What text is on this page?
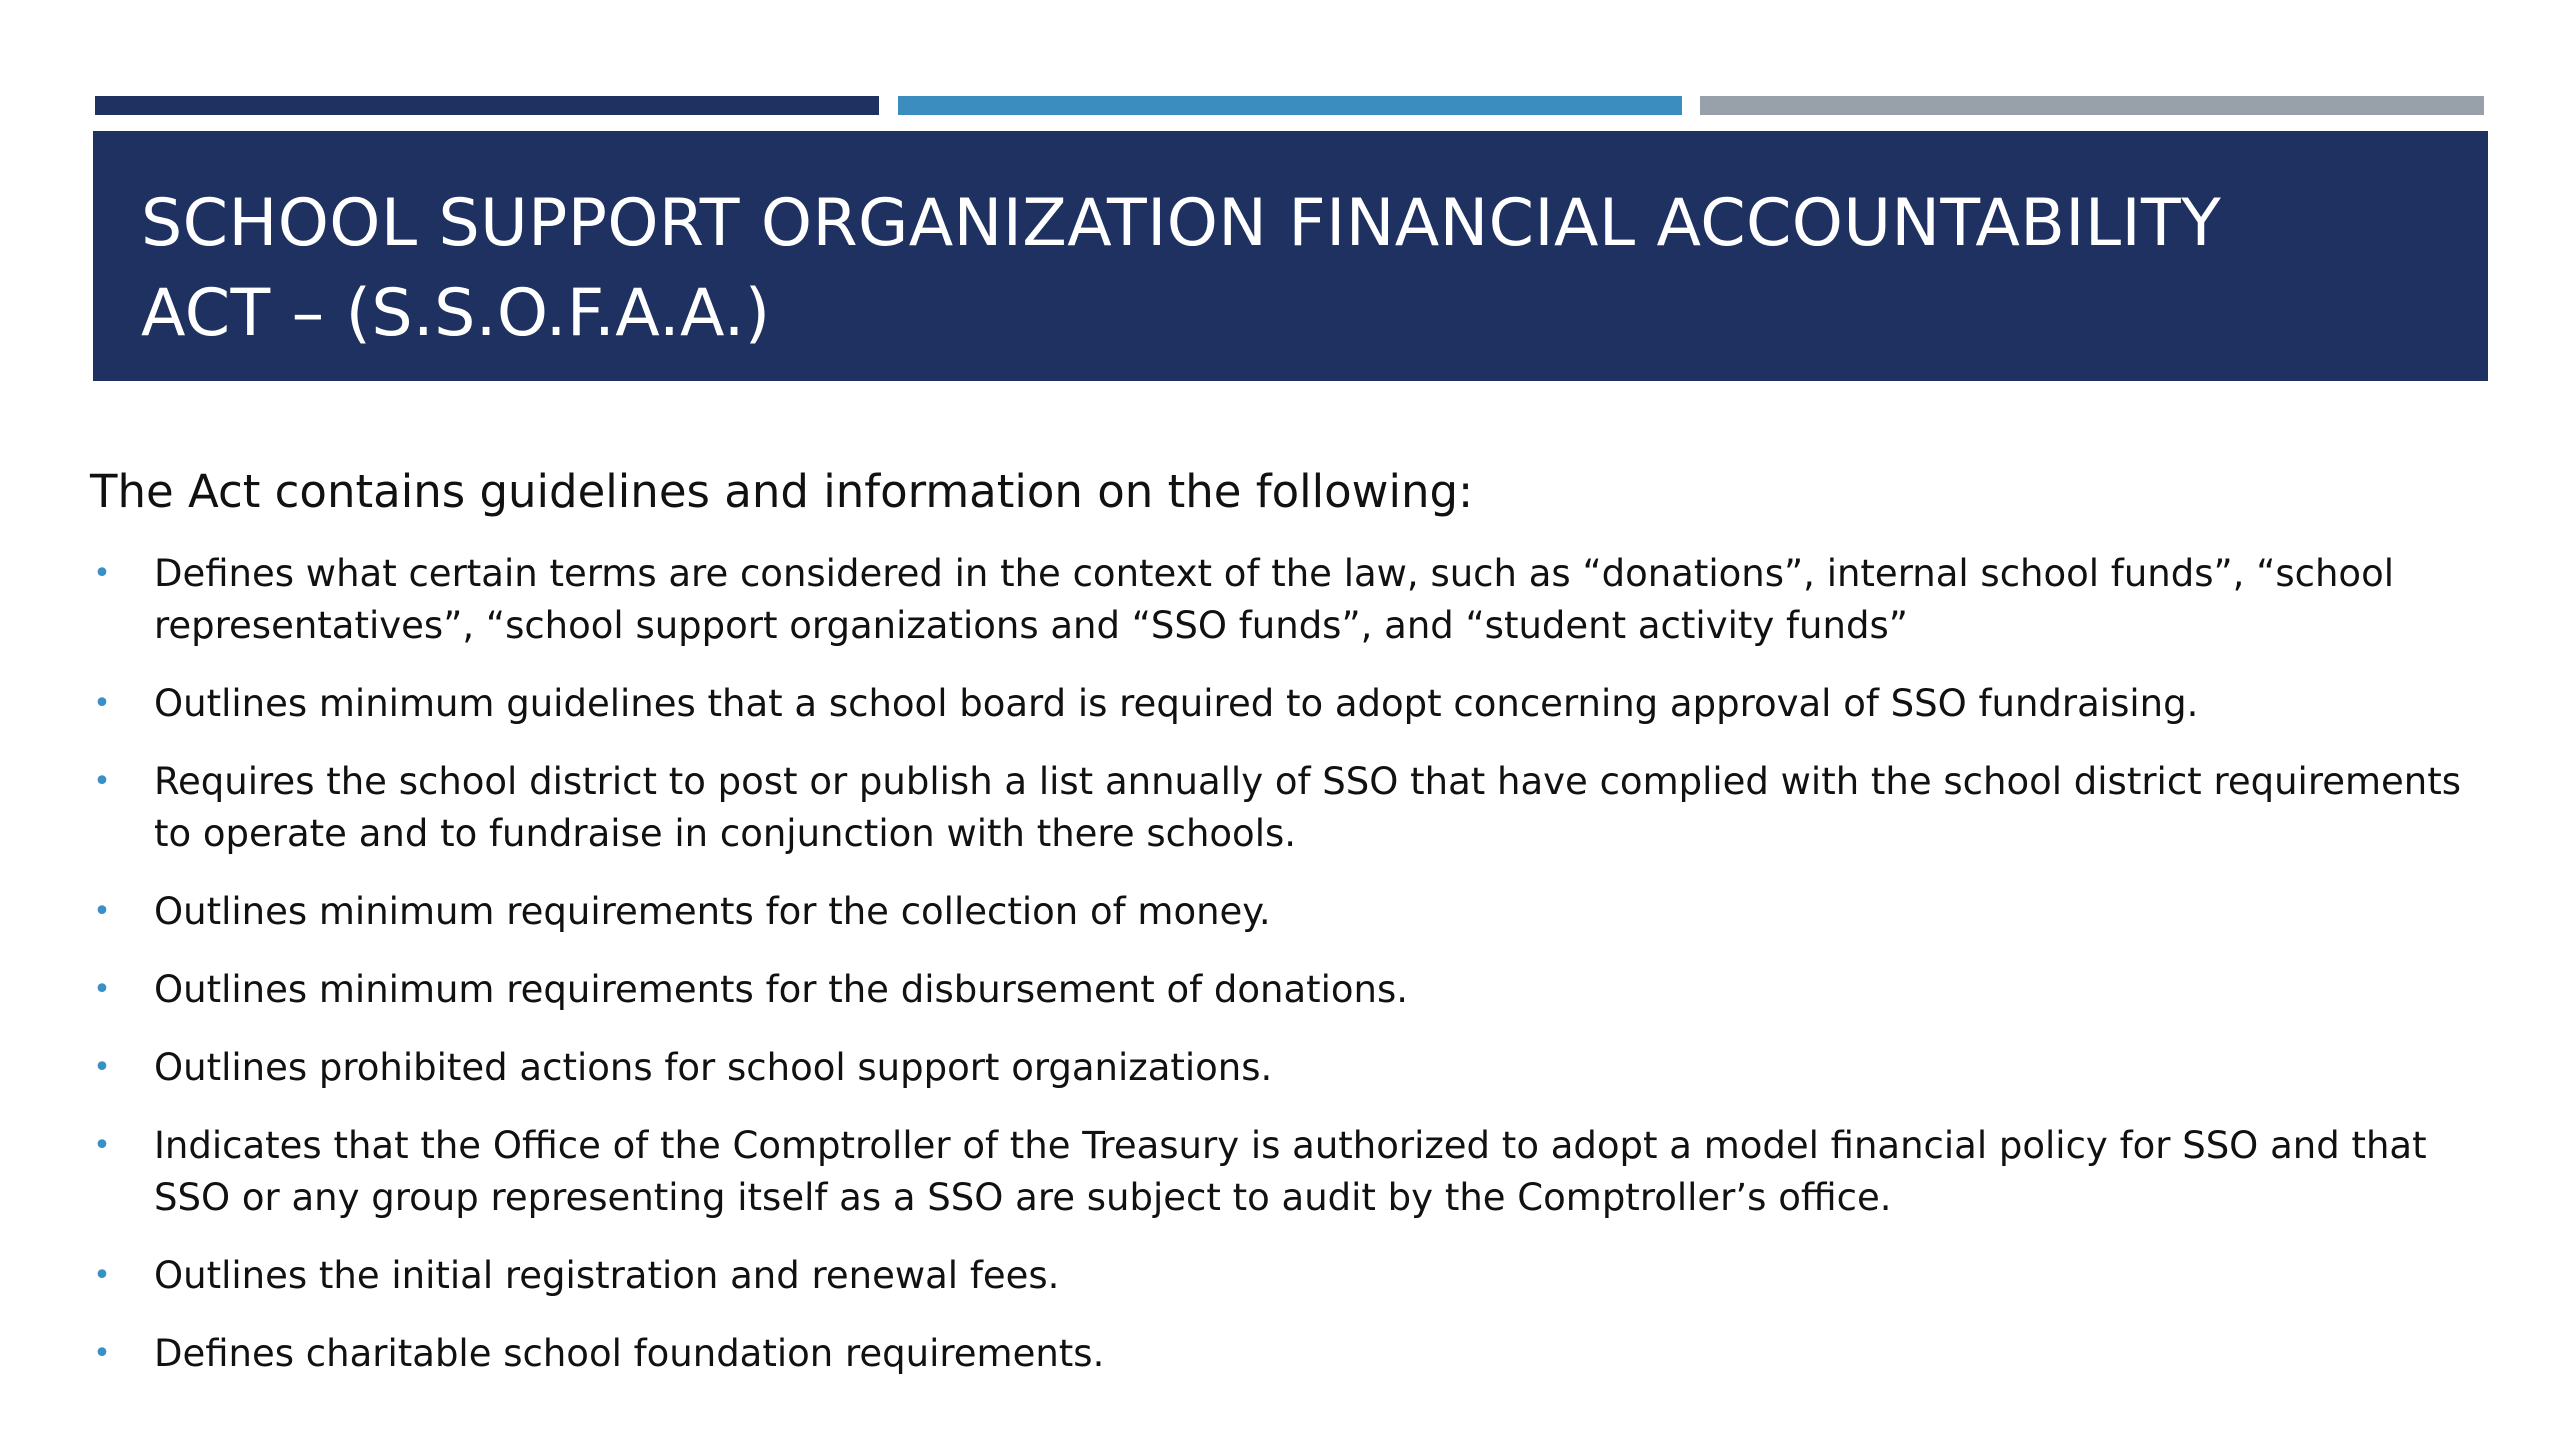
SCHOOL SUPPORT ORGANIZATION FINANCIAL ACCOUNTABILITY
ACT – (S.S.O.F.A.A.)

The Act contains guidelines and information on the following:

• Defines what certain terms are considered in the context of the law, such as “donations”, internal school funds”, “school representatives”, “school support organizations and “SSO funds”, and “student activity funds”
• Outlines minimum guidelines that a school board is required to adopt concerning approval of SSO fundraising.
• Requires the school district to post or publish a list annually of SSO that have complied with the school district requirements to operate and to fundraise in conjunction with there schools.
• Outlines minimum requirements for the collection of money.
• Outlines minimum requirements for the disbursement of donations.
• Outlines prohibited actions for school support organizations.
• Indicates that the Office of the Comptroller of the Treasury is authorized to adopt a model financial policy for SSO and that SSO or any group representing itself as a SSO are subject to audit by the Comptroller’s office.
• Outlines the initial registration and renewal fees.
• Defines charitable school foundation requirements.
